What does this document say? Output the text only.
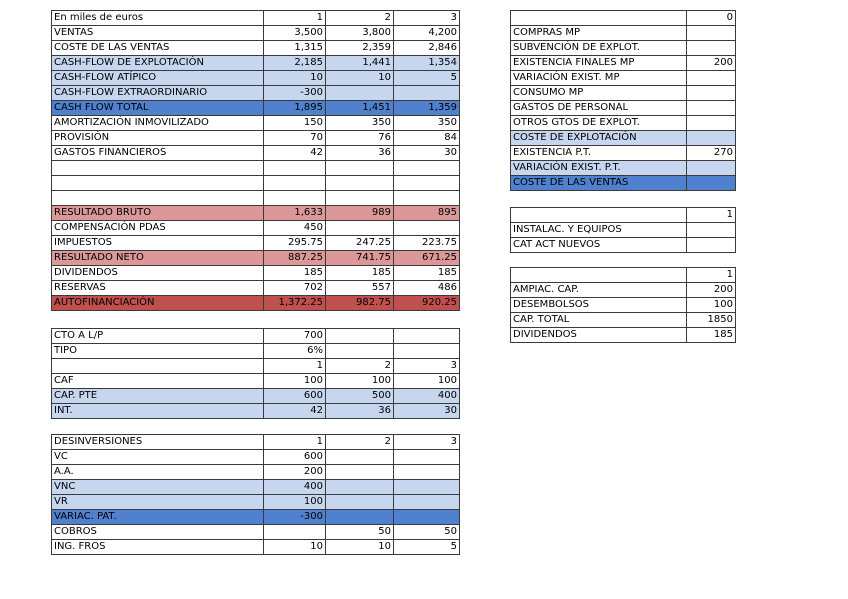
En miles de euros	1	2	3
VENTAS	3,500	3,800	4,200
COSTE DE LAS VENTAS	1,315	2,359	2,846
CASH-FLOW DE EXPLOTACIÓN	2,185	1,441	1,354
CASH-FLOW ATÍPICO	10	10	5
CASH-FLOW EXTRAORDINARIO	-300		
CASH FLOW TOTAL	1,895	1,451	1,359
AMORTIZACIÓN INMOVILIZADO	150	350	350
PROVISIÓN	70	76	84
GASTOS FINANCIEROS	42	36	30

RESULTADO BRUTO	1,633	989	895
COMPENSACIÓN PDAS	450		
IMPUESTOS	295.75	247.25	223.75
RESULTADO NETO	887.25	741.75	671.25
DIVIDENDOS	185	185	185
RESERVAS	702	557	486
AUTOFINANCIACIÓN	1,372.25	982.75	920.25
CTO A L/P	700		
TIPO	6%		
	1	2	3
CAF	100	100	100
CAP. PTE	600	500	400
INT.	42	36	30
DESINVERSIONES	1	2	3
VC	600		
A.A.	200		
VNC	400		
VR	100		
VARIAC. PAT.	-300		
COBROS		50	50
ING. FROS	10	10	5
	0
COMPRAS MP	
SUBVENCIÓN DE EXPLOT.	
EXISTENCIA FINALES MP	200
VARIACIÓN EXIST. MP	
CONSUMO MP	
GASTOS DE PERSONAL	
OTROS GTOS DE EXPLOT.	
COSTE DE EXPLOTACIÓN	
EXISTENCIA P.T.	270
VARIACIÓN EXIST. P.T.	
COSTE DE LAS VENTAS	
	1
INSTALAC. Y EQUIPOS	
CAT ACT NUEVOS	
	1
AMPIAC. CAP.	200
DESEMBOLSOS	100
CAP. TOTAL	1850
DIVIDENDOS	185
